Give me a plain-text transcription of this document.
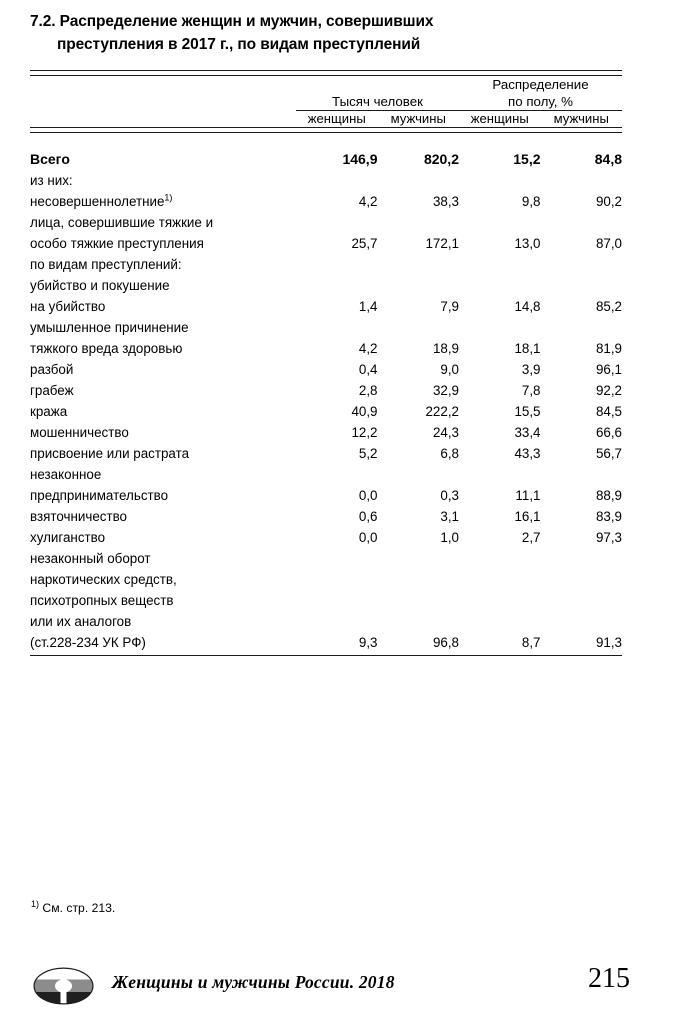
7.2. Распределение женщин и мужчин, совершивших
преступления в 2017 г., по видам преступлений

	Тысяч человек		Распределение
по полу, %	
	женщины	мужчины	женщины	мужчины

Всего	146,9	820,2	15,2	84,8
из них:				
несовершеннолетние$^{1)}$	4,2	38,3	9,8	90,2
лица, совершившие тяжкие и
особо тяжкие преступления	25,7	172,1	13,0	87,0
по видам преступлений:				
убийство и покушение
на убийство	1,4	7,9	14,8	85,2
умышленное причинение
тяжкого вреда здоровью	4,2	18,9	18,1	81,9
разбой	0,4	9,0	3,9	96,1
грабеж	2,8	32,9	7,8	92,2
кража	40,9	222,2	15,5	84,5
мошенничество	12,2	24,3	33,4	66,6
присвоение или растрата	5,2	6,8	43,3	56,7
незаконное
предпринимательство	0,0	0,3	11,1	88,9
взяточничество	0,6	3,1	16,1	83,9
хулиганство	0,0	1,0	2,7	97,3
незаконный оборот
наркотических средств,
психотропных веществ
или их аналогов
(ст.228-234 УК РФ)	9,3	96,8	8,7	91,3

$^{1)}$ См. стр. 213.
Женщины и мужчины России. 2018	215
